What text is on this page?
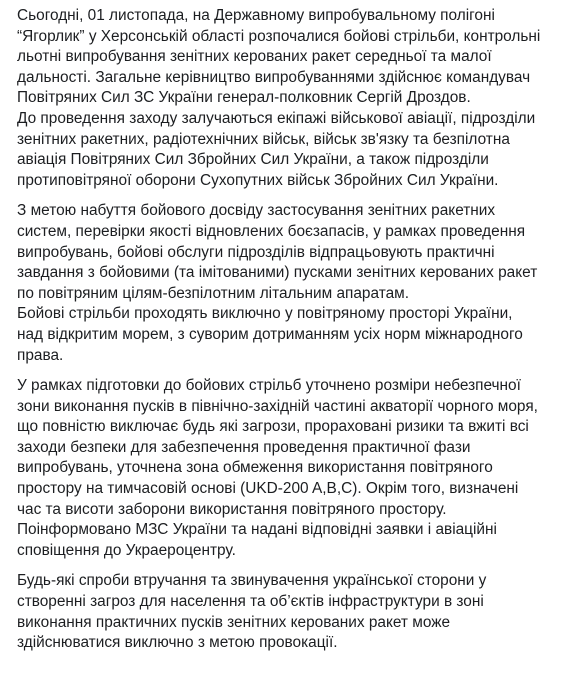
Сьогодні, 01 листопада, на Державному випробувальному полігоні
“Ягорлик” у Херсонській області розпочалися бойові стрільби, контрольні
льотні випробування зенітних керованих ракет середньої та малої
дальності. Загальне керівництво випробуваннями здійснює командувач
Повітряних Сил ЗС України генерал-полковник Сергій Дроздов.
До проведення заходу залучаються екіпажі військової авіації, підрозділи
зенітних ракетних, радіотехнічних військ, військ зв'язку та безпілотна
авіація Повітряних Сил Збройних Сил України, а також підрозділи
протиповітряної оборони Сухопутних військ Збройних Сил України.

З метою набуття бойового досвіду застосування зенітних ракетних
систем, перевірки якості відновлених боєзапасів, у рамках проведення
випробувань, бойові обслуги підрозділів відпрацьовують практичні
завдання з бойовими (та імітованими) пусками зенітних керованих ракет
по повітряним цілям-безпілотним літальним апаратам.
Бойові стрільби проходять виключно у повітряному просторі України,
над відкритим морем, з суворим дотриманням усіх норм міжнародного
права.

У рамках підготовки до бойових стрільб уточнено розміри небезпечної
зони виконання пусків в північно-західній частині акваторії чорного моря,
що повністю виключає будь які загрози, прораховані ризики та вжиті всі
заходи безпеки для забезпечення проведення практичної фази
випробувань, уточнена зона обмеження використання повітряного
простору на тимчасовій основі (UKD-200 A,B,C). Окрім того, визначені
час та висоти заборони використання повітряного простору.
Поінформовано МЗС України та надані відповідні заявки і авіаційні
сповіщення до Украероцентру.

Будь-які спроби втручання та звинувачення української сторони у
створенні загроз для населення та об’єктів інфраструктури в зоні
виконання практичних пусків зенітних керованих ракет може
здійснюватися виключно з метою провокації.
